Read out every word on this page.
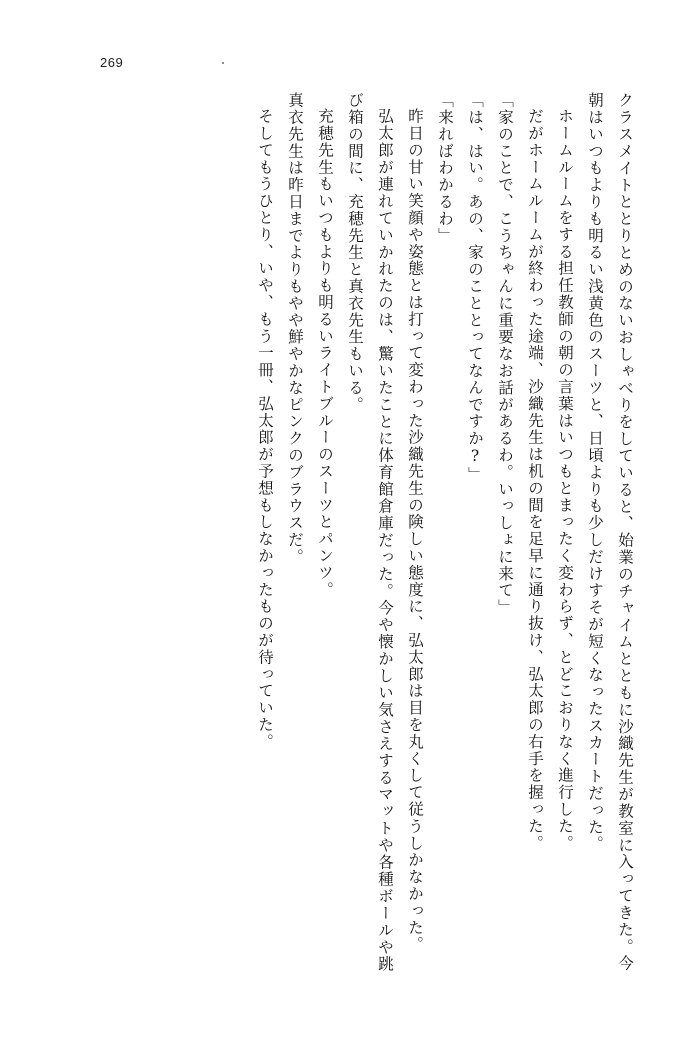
269

クラスメイトととりとめのないおしゃべりをしていると、始業のチャイムとともに沙織先生が教室に入ってきた。今朝はいつもよりも明るい浅黄色のスーツと、日頃よりも少しだけすそが短くなったスカートだった。

ホームルームをする担任教師の朝の言葉はいつもとまったく変わらず、とどこおりなく進行した。

だがホームルームが終わった途端、沙織先生は机の間を足早に通り抜け、弘太郎の右手を握った。

「家のことで、こうちゃんに重要なお話があるわ。いっしょに来て」

「は、はい。あの、家のこととってなんですか?」

「来ればわかるわ」

昨日の甘い笑顔や姿態とは打って変わった沙織先生の険しい態度に、弘太郎は目を丸くして従うしかなかった。

弘太郎が連れていかれたのは、驚いたことに体育館倉庫だった。今や懐かしい気さえするマットや各種ボールや跳び箱の間に、充穂先生と真衣先生もいる。

充穂先生もいつもよりも明るいライトブルーのスーツとパンツ。

真衣先生は昨日までよりもやや鮮やかなピンクのブラウスだ。

そしてもうひとり、いや、もう一冊、弘太郎が予想もしなかったものが待っていた。
